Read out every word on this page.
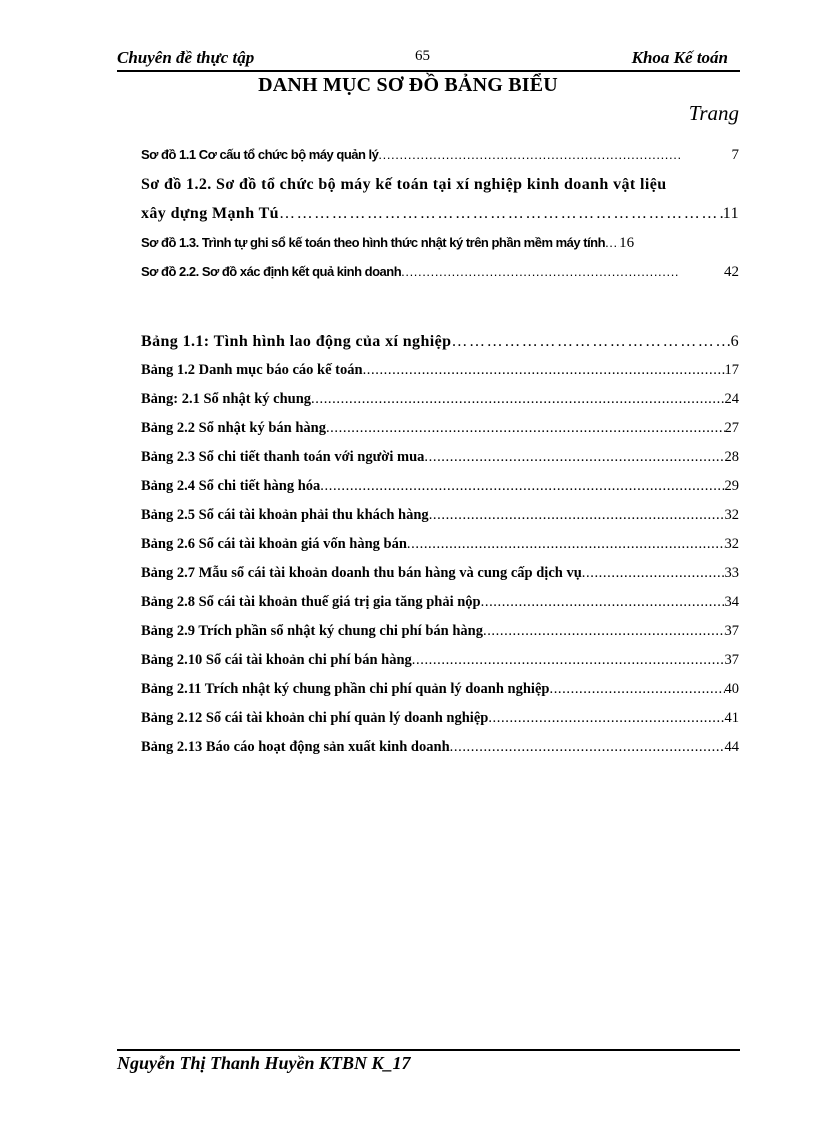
Chuyên đề thực tập	65	Khoa Kế toán
DANH MỤC SƠ ĐỒ BẢNG BIỂU
Trang
Sơ đồ 1.1 Cơ cấu tổ chức bộ máy quản lý .....	7
Sơ đồ 1.2. Sơ đồ tổ chức bộ máy kế toán tại xí nghiệp kinh doanh vật liệu
xây dựng Mạnh Tú …………………………………………………………………………………………………………………………………	11
Sơ đồ 1.3. Trình tự ghi sổ kế toán theo hình thức nhật ký trên phần mềm máy tính ..... 16
Sơ đồ 2.2. Sơ đồ xác định kết quả kinh doanh .....	42
Bảng 1.1: Tình hình lao động của xí nghiệp …………………………………………………………………………………………………………………………………	6
Bảng 1.2 Danh mục báo cáo kế toán .....	17
Bảng: 2.1 Sổ nhật ký chung .....	24
Bảng 2.2 Sổ nhật ký bán hàng .....	27
Bảng 2.3 Sổ chi tiết thanh toán với người mua .....	28
Bảng 2.4 Sổ chi tiết hàng hóa .....	29
Bảng 2.5 Sổ cái tài khoản phải thu khách hàng .....	32
Bảng 2.6 Sổ cái tài khoản giá vốn hàng bán .....	32
Bảng 2.7 Mẫu sổ cái tài khoản doanh thu bán hàng và cung cấp dịch vụ .....	33
Bảng 2.8 Sổ cái tài khoản thuế giá trị gia tăng phải nộp .....	34
Bảng 2.9 Trích phần sổ nhật ký chung chi phí bán hàng .....	37
Bảng 2.10 Sổ cái tài khoản chi phí bán hàng .....	37
Bảng 2.11 Trích nhật ký chung phần chi phí quản lý doanh nghiệp .....	40
Bảng 2.12 Sổ cái tài khoản chi phí quản lý doanh nghiệp .....	41
Bảng 2.13 Báo cáo hoạt động sản xuất kinh doanh .....	44
Nguyễn Thị Thanh Huyền KTBN K_17
